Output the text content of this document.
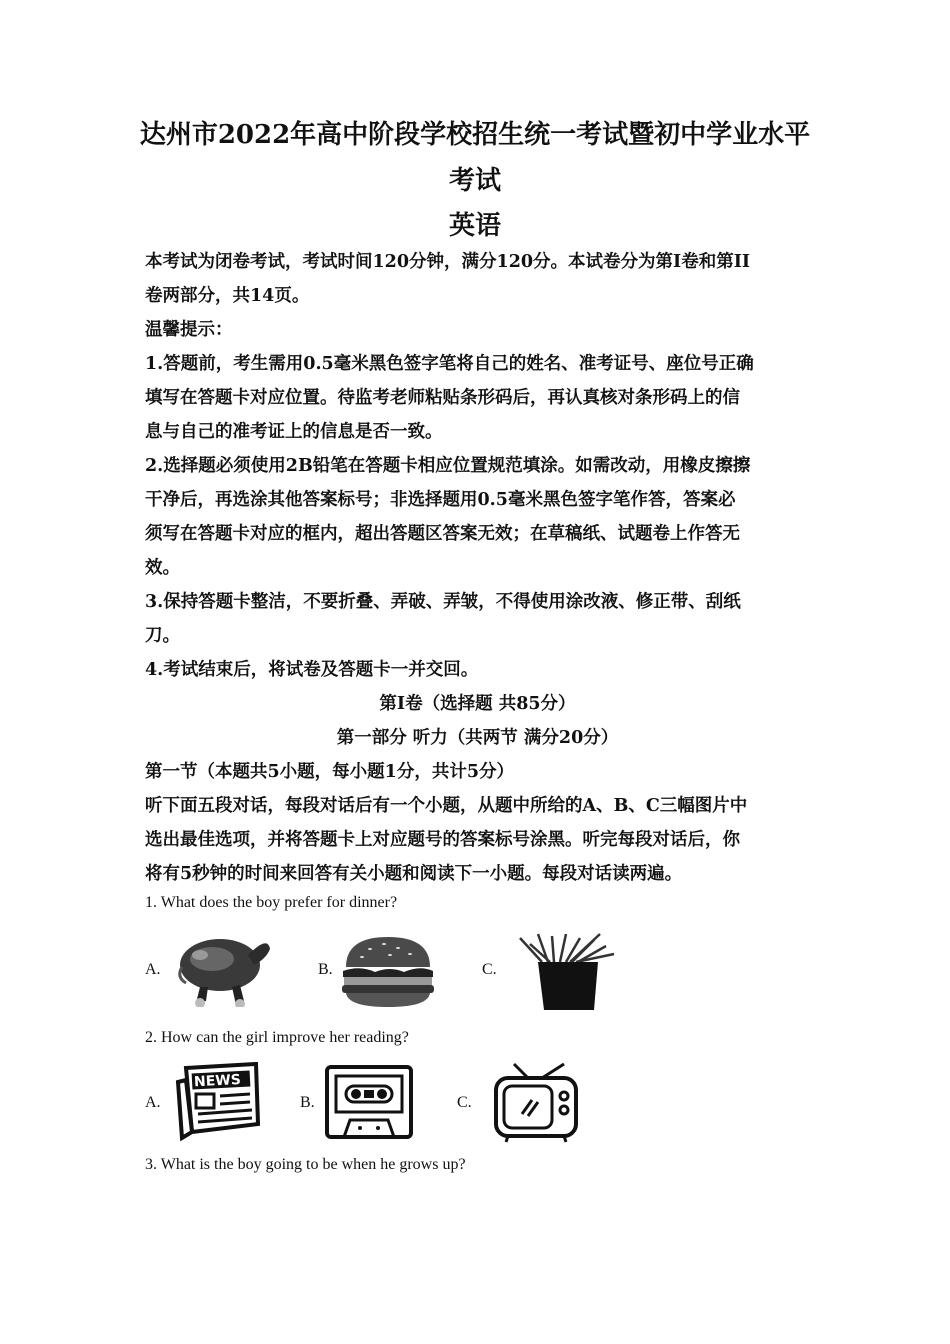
达州市2022年高中阶段学校招生统一考试暨初中学业水平
考试
英语
本考试为闭卷考试，考试时间120分钟，满分120分。本试卷分为第I卷和第II
卷两部分，共14页。
温馨提示：
1.答题前，考生需用0.5毫米黑色签字笔将自己的姓名、准考证号、座位号正确
填写在答题卡对应位置。待监考老师粘贴条形码后，再认真核对条形码上的信
息与自己的准考证上的信息是否一致。
2.选择题必须使用2B铅笔在答题卡相应位置规范填涂。如需改动，用橡皮擦擦
干净后，再选涂其他答案标号；非选择题用0.5毫米黑色签字笔作答，答案必
须写在答题卡对应的框内，超出答题区答案无效；在草稿纸、试题卷上作答无
效。
3.保持答题卡整洁，不要折叠、弄破、弄皱，不得使用涂改液、修正带、刮纸
刀。
4.考试结束后，将试卷及答题卡一并交回。
第I卷（选择题 共85分）
第一部分 听力（共两节 满分20分）
第一节（本题共5小题，每小题1分，共计5分）
听下面五段对话，每段对话后有一个小题，从题中所给的A、B、C三幅图片中
选出最佳选项，并将答题卡上对应题号的答案标号涂黑。听完每段对话后，你
将有5秒钟的时间来回答有关小题和阅读下一小题。每段对话读两遍。
1. What does the boy prefer for dinner?
A.	B.	C.
2. How can the girl improve her reading?
A.
NEWS
B.	C.
3. What is the boy going to be when he grows up?
